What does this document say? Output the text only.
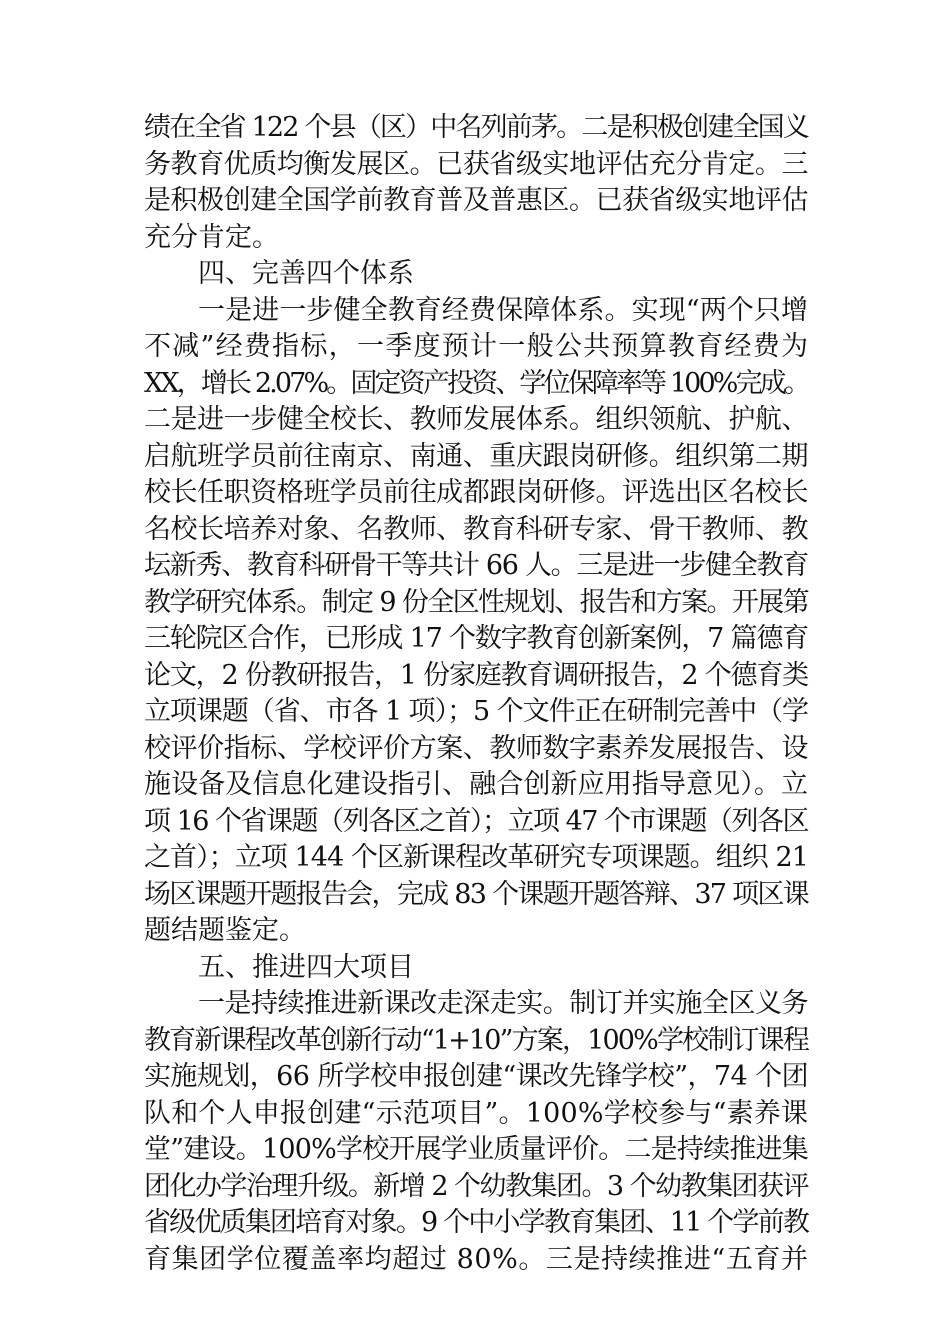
绩在全省 122 个县（区）中名列前茅。二是积极创建全国义
务教育优质均衡发展区。已获省级实地评估充分肯定。三
是积极创建全国学前教育普及普惠区。已获省级实地评估
充分肯定。
四、完善四个体系
一是进一步健全教育经费保障体系。实现“两个只增
不减”经费指标，一季度预计一般公共预算教育经费为
XX，增长 2.07%。固定资产投资、学位保障率等 100%完成。
二是进一步健全校长、教师发展体系。组织领航、护航、
启航班学员前往南京、南通、重庆跟岗研修。组织第二期
校长任职资格班学员前往成都跟岗研修。评选出区名校长
名校长培养对象、名教师、教育科研专家、骨干教师、教
坛新秀、教育科研骨干等共计 66 人。三是进一步健全教育
教学研究体系。制定 9 份全区性规划、报告和方案。开展第
三轮院区合作，已形成 17 个数字教育创新案例，7 篇德育
论文，2 份教研报告，1 份家庭教育调研报告，2 个德育类
立项课题（省、市各 1 项）；5 个文件正在研制完善中（学
校评价指标、学校评价方案、教师数字素养发展报告、设
施设备及信息化建设指引、融合创新应用指导意见）。立
项 16 个省课题（列各区之首）；立项 47 个市课题（列各区
之首）；立项 144 个区新课程改革研究专项课题。组织 21
场区课题开题报告会，完成 83 个课题开题答辩、37 项区课
题结题鉴定。
五、推进四大项目
一是持续推进新课改走深走实。制订并实施全区义务
教育新课程改革创新行动“1+10”方案，100%学校制订课程
实施规划，66 所学校申报创建“课改先锋学校”，74 个团
队和个人申报创建“示范项目”。100%学校参与“素养课
堂”建设。100%学校开展学业质量评价。二是持续推进集
团化办学治理升级。新增 2 个幼教集团。3 个幼教集团获评
省级优质集团培育对象。9 个中小学教育集团、11 个学前教
育集团学位覆盖率均超过 80%。三是持续推进“五育并
